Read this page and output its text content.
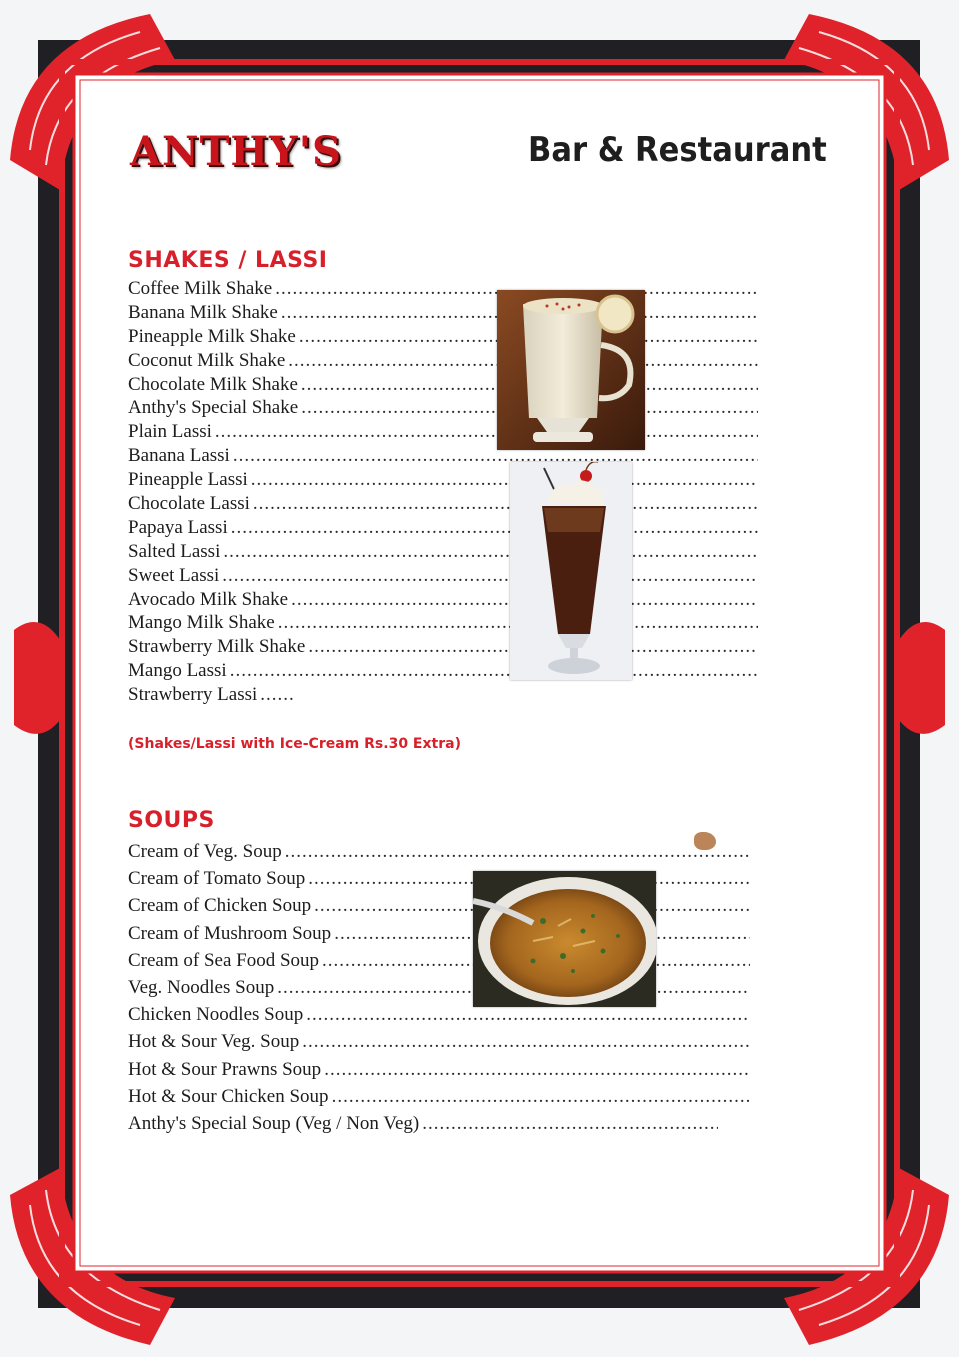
ANTHY'S	Bar & Restaurant
SHAKES / LASSI
Coffee Milk Shake .....
Banana Milk Shake .....
Pineapple Milk Shake .....
Coconut Milk Shake .....
Chocolate Milk Shake .....
Anthy's Special Shake .....
Plain Lassi .....
Banana Lassi .....
Pineapple Lassi .....
Chocolate Lassi .....
Papaya Lassi .....
Salted Lassi .....
Sweet Lassi .....
Avocado Milk Shake .....
Mango Milk Shake .....
Strawberry Milk Shake .....
Mango Lassi .....
Strawberry Lassi .....

(Shakes/Lassi with Ice-Cream Rs.30 Extra)

SOUPS
Cream of Veg. Soup .....
Cream of Tomato Soup .....
Cream of Chicken Soup .....
Cream of Mushroom Soup .....
Cream of Sea Food Soup .....
Veg. Noodles Soup .....
Chicken Noodles Soup .....
Hot & Sour Veg. Soup .....
Hot & Sour Prawns Soup .....
Hot & Sour Chicken Soup .....
Anthy's Special Soup (Veg / Non Veg) .....
